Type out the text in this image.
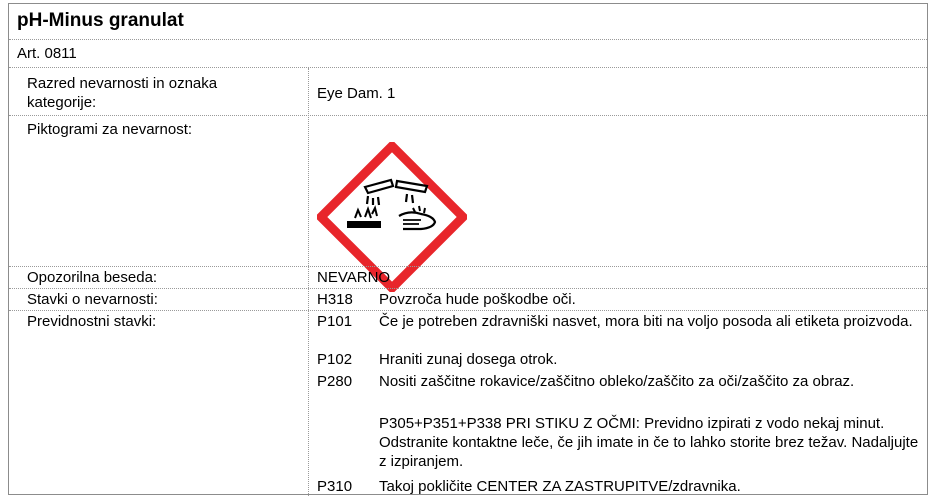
pH-Minus granulat
Art. 0811
Razred nevarnosti in oznaka kategorije:
Eye Dam. 1
Piktogrami za nevarnost:
Opozorilna beseda:	NEVARNO
Stavki o nevarnosti:	H318 Povzroča hude poškodbe oči.
Previdnostni stavki:	P101 Če je potreben zdravniški nasvet, mora biti na voljo posoda ali etiketa proizvoda.
P102 Hraniti zunaj dosega otrok.
P280 Nositi zaščitne rokavice/zaščitno obleko/zaščito za oči/zaščito za obraz.
P305+P351+P338 PRI STIKU Z OČMI: Previdno izpirati z vodo nekaj minut. Odstranite kontaktne leče, če jih imate in če to lahko storite brez težav. Nadaljujte z izpiranjem.
P310 Takoj pokličite CENTER ZA ZASTRUPITVE/zdravnika.
